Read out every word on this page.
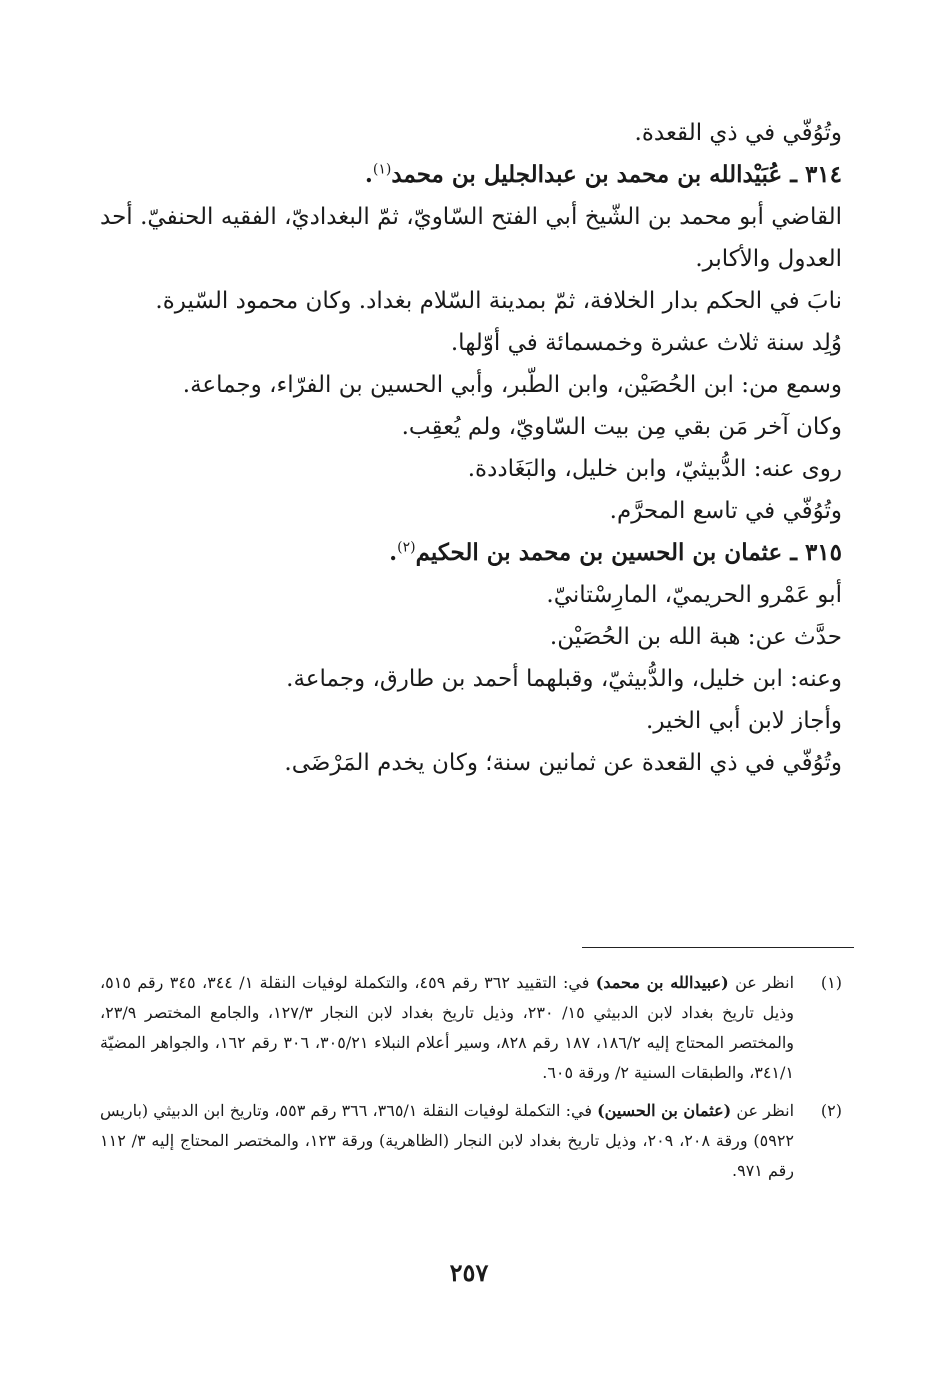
وتُوُفّي في ذي القعدة.

٣١٤ ـ عُبَيْدالله بن محمد بن عبدالجليل بن محمد$^{(١)}$.

القاضي أبو محمد بن الشّيخ أبي الفتح السّاويّ، ثمّ البغداديّ، الفقيه الحنفيّ. أحد العدول والأكابر.

نابَ في الحكم بدار الخلافة، ثمّ بمدينة السّلام بغداد. وكان محمود السّيرة.

وُلِد سنة ثلاث عشرة وخمسمائة في أوّلها.

وسمع من: ابن الحُصَيْن، وابن الطّبر، وأبي الحسين بن الفرّاء، وجماعة.

وكان آخر مَن بقي مِن بيت السّاويّ، ولم يُعقِب.

روى عنه: الدُّبيثيّ، وابن خليل، والبَغَاددة.

وتُوُفّي في تاسع المحرَّم.

٣١٥ ـ عثمان بن الحسين بن محمد بن الحكيم$^{(٢)}$.

أبو عَمْرو الحريميّ، المارِسْتانيّ.

حدَّث عن: هبة الله بن الحُصَيْن.

وعنه: ابن خليل، والدُّبيثيّ، وقبلهما أحمد بن طارق، وجماعة.

وأجاز لابن أبي الخير.

وتُوُفّي في ذي القعدة عن ثمانين سنة؛ وكان يخدم المَرْضَى.

(١)
انظر عن (عبيدالله بن محمد) في: التقييد ٣٦٢ رقم ٤٥٩، والتكملة لوفيات النقلة ١/ ٣٤٤، ٣٤٥ رقم ٥١٥، وذيل تاريخ بغداد لابن الدبيثي ١٥/ ٢٣٠، وذيل تاريخ بغداد لابن النجار ١٢٧/٣، والجامع المختصر ٢٣/٩، والمختصر المحتاج إليه ١٨٦/٢، ١٨٧ رقم ٨٢٨، وسير أعلام النبلاء ٣٠٥/٢١، ٣٠٦ رقم ١٦٢، والجواهر المضيّة ٣٤١/١، والطبقات السنية ٢/ ورقة ٦٠٥.
(٢)
انظر عن (عثمان بن الحسين) في: التكملة لوفيات النقلة ٣٦٥/١، ٣٦٦ رقم ٥٥٣، وتاريخ ابن الدبيثي (باريس ٥٩٢٢) ورقة ٢٠٨، ٢٠٩، وذيل تاريخ بغداد لابن النجار (الظاهرية) ورقة ١٢٣، والمختصر المحتاج إليه ٣/ ١١٢ رقم ٩٧١.
٢٥٧
